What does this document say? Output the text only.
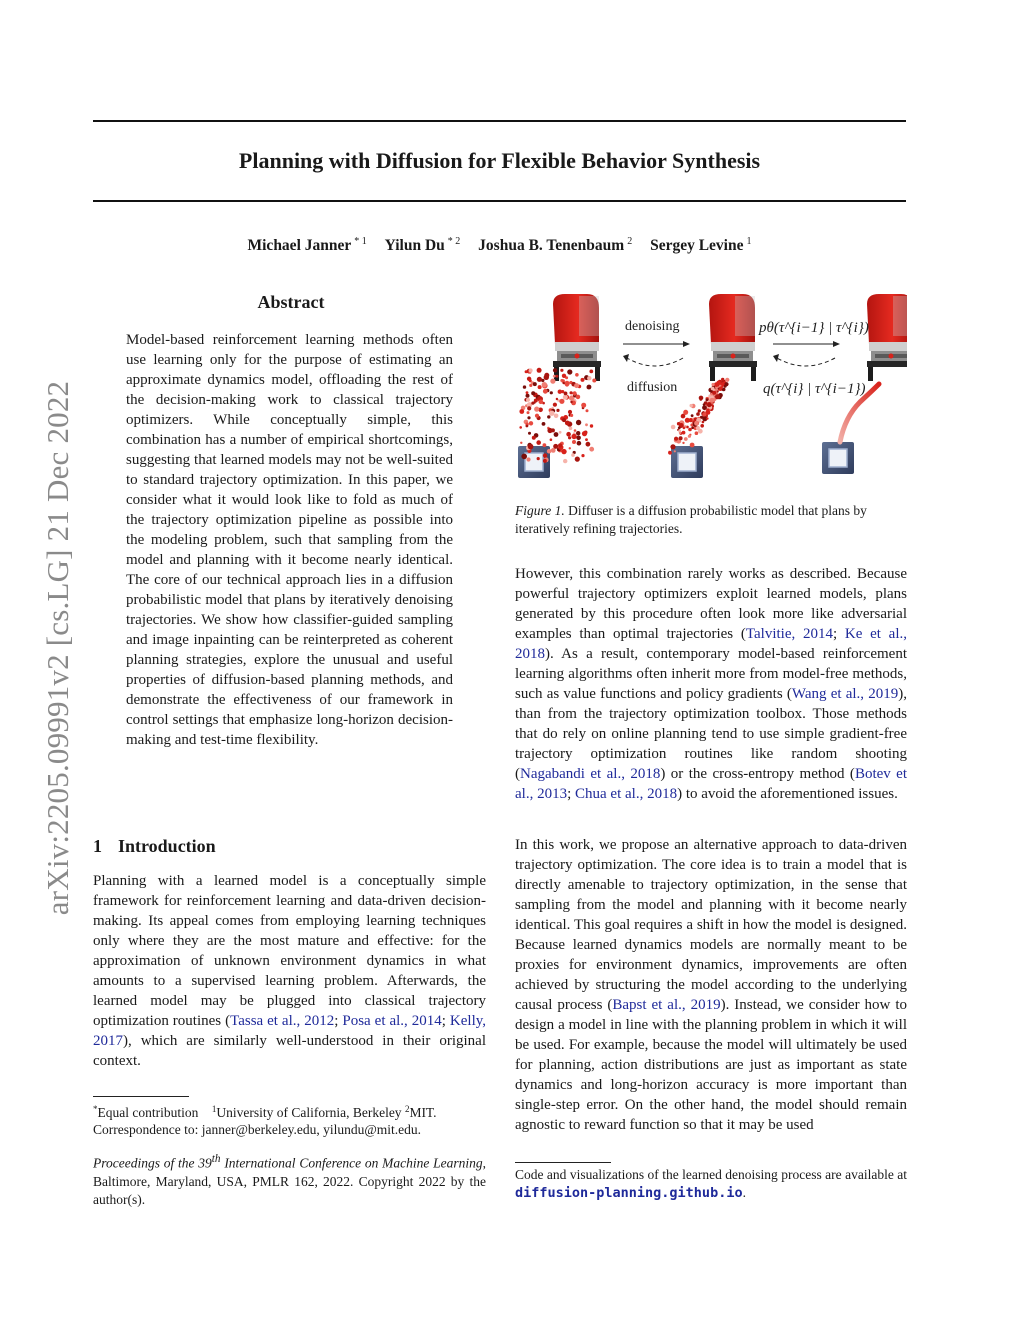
Planning with Diffusion for Flexible Behavior Synthesis
Michael Janner $^{* 1}$ Yilun Du $^{* 2}$ Joshua B. Tenenbaum $^2$ Sergey Levine $^1$
arXiv:2205.09991v2 [cs.LG] 21 Dec 2022
Abstract
Model-based reinforcement learning methods often use learning only for the purpose of estimating an approximate dynamics model, offloading the rest of the decision-making work to classical trajectory optimizers. While conceptually simple, this combination has a number of empirical shortcomings, suggesting that learned models may not be well-suited to standard trajectory optimization. In this paper, we consider what it would look like to fold as much of the trajectory optimization pipeline as possible into the modeling problem, such that sampling from the model and planning with it become nearly identical. The core of our technical approach lies in a diffusion probabilistic model that plans by iteratively denoising trajectories. We show how classifier-guided sampling and image inpainting can be reinterpreted as coherent planning strategies, explore the unusual and useful properties of diffusion-based planning methods, and demonstrate the effectiveness of our framework in control settings that emphasize long-horizon decision-making and test-time flexibility.
1 Introduction
Planning with a learned model is a conceptually simple framework for reinforcement learning and data-driven decision-making. Its appeal comes from employing learning techniques only where they are the most mature and effective: for the approximation of unknown environment dynamics in what amounts to a supervised learning problem. Afterwards, the learned model may be plugged into classical trajectory optimization routines (Tassa et al., 2012; Posa et al., 2014; Kelly, 2017), which are similarly well-understood in their original context.
*Equal contribution $^1$University of California, Berkeley $^2$MIT.
Correspondence to: janner@berkeley.edu, yilundu@mit.edu.
Proceedings of the 39th International Conference on Machine Learning, Baltimore, Maryland, USA, PMLR 162, 2022. Copyright 2022 by the author(s).
denoising
diffusion
pθ(τ^{i−1} | τ^{i})
q(τ^{i} | τ^{i−1})
Figure 1. Diffuser is a diffusion probabilistic model that plans by iteratively refining trajectories.
However, this combination rarely works as described. Because powerful trajectory optimizers exploit learned models, plans generated by this procedure often look more like adversarial examples than optimal trajectories (Talvitie, 2014; Ke et al., 2018). As a result, contemporary model-based reinforcement learning algorithms often inherit more from model-free methods, such as value functions and policy gradients (Wang et al., 2019), than from the trajectory optimization toolbox. Those methods that do rely on online planning tend to use simple gradient-free trajectory optimization routines like random shooting (Nagabandi et al., 2018) or the cross-entropy method (Botev et al., 2013; Chua et al., 2018) to avoid the aforementioned issues.
In this work, we propose an alternative approach to data-driven trajectory optimization. The core idea is to train a model that is directly amenable to trajectory optimization, in the sense that sampling from the model and planning with it become nearly identical. This goal requires a shift in how the model is designed. Because learned dynamics models are normally meant to be proxies for environment dynamics, improvements are often achieved by structuring the model according to the underlying causal process (Bapst et al., 2019). Instead, we consider how to design a model in line with the planning problem in which it will be used. For example, because the model will ultimately be used for planning, action distributions are just as important as state dynamics and long-horizon accuracy is more important than single-step error. On the other hand, the model should remain agnostic to reward function so that it may be used
Code and visualizations of the learned denoising process are available at diffusion-planning.github.io.
